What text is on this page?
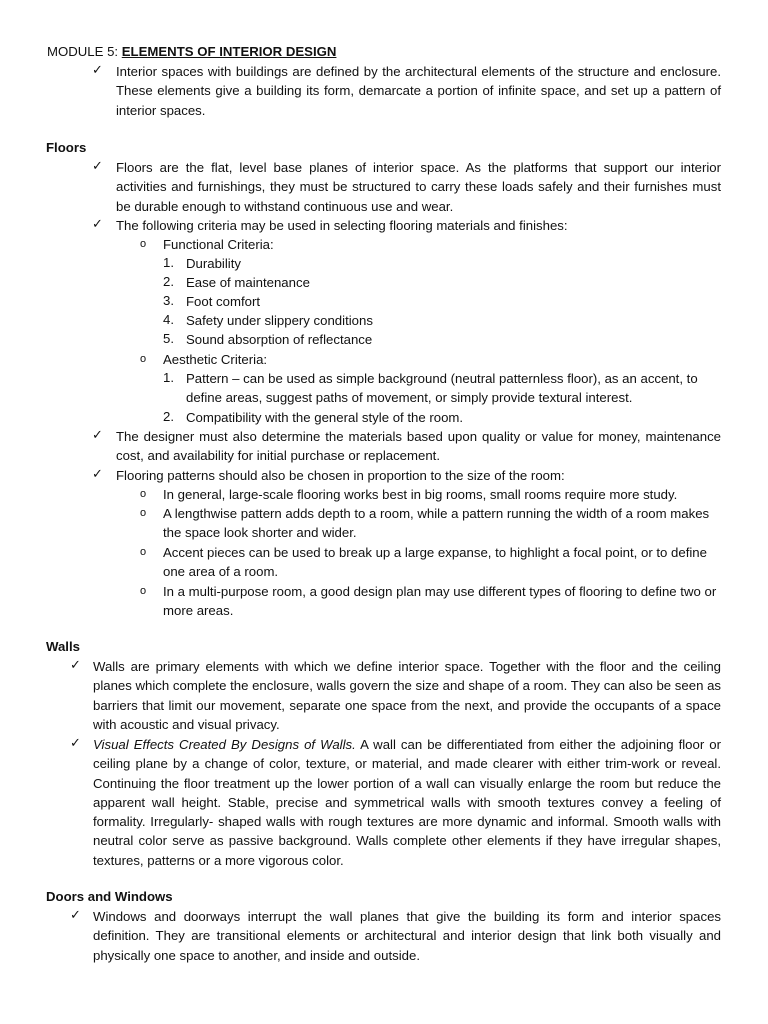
MODULE 5: ELEMENTS OF INTERIOR DESIGN
✓ Interior spaces with buildings are defined by the architectural elements of the structure and enclosure. These elements give a building its form, demarcate a portion of infinite space, and set up a pattern of interior spaces.
Floors
✓ Floors are the flat, level base planes of interior space. As the platforms that support our interior activities and furnishings, they must be structured to carry these loads safely and their furnishes must be durable enough to withstand continuous use and wear.
✓ The following criteria may be used in selecting flooring materials and finishes:
o Functional Criteria:
1. Durability
2. Ease of maintenance
3. Foot comfort
4. Safety under slippery conditions
5. Sound absorption of reflectance
o Aesthetic Criteria:
1. Pattern – can be used as simple background (neutral patternless floor), as an accent, to define areas, suggest paths of movement, or simply provide textural interest.
2. Compatibility with the general style of the room.
✓ The designer must also determine the materials based upon quality or value for money, maintenance cost, and availability for initial purchase or replacement.
✓ Flooring patterns should also be chosen in proportion to the size of the room:
o In general, large-scale flooring works best in big rooms, small rooms require more study.
o A lengthwise pattern adds depth to a room, while a pattern running the width of a room makes the space look shorter and wider.
o Accent pieces can be used to break up a large expanse, to highlight a focal point, or to define one area of a room.
o In a multi-purpose room, a good design plan may use different types of flooring to define two or more areas.
Walls
✓ Walls are primary elements with which we define interior space. Together with the floor and the ceiling planes which complete the enclosure, walls govern the size and shape of a room. They can also be seen as barriers that limit our movement, separate one space from the next, and provide the occupants of a space with acoustic and visual privacy.
✓ Visual Effects Created By Designs of Walls. A wall can be differentiated from either the adjoining floor or ceiling plane by a change of color, texture, or material, and made clearer with either trim-work or reveal. Continuing the floor treatment up the lower portion of a wall can visually enlarge the room but reduce the apparent wall height. Stable, precise and symmetrical walls with smooth textures convey a feeling of formality. Irregularly- shaped walls with rough textures are more dynamic and informal. Smooth walls with neutral color serve as passive background. Walls complete other elements if they have irregular shapes, textures, patterns or a more vigorous color.
Doors and Windows
✓ Windows and doorways interrupt the wall planes that give the building its form and interior spaces definition. They are transitional elements or architectural and interior design that link both visually and physically one space to another, and inside and outside.
